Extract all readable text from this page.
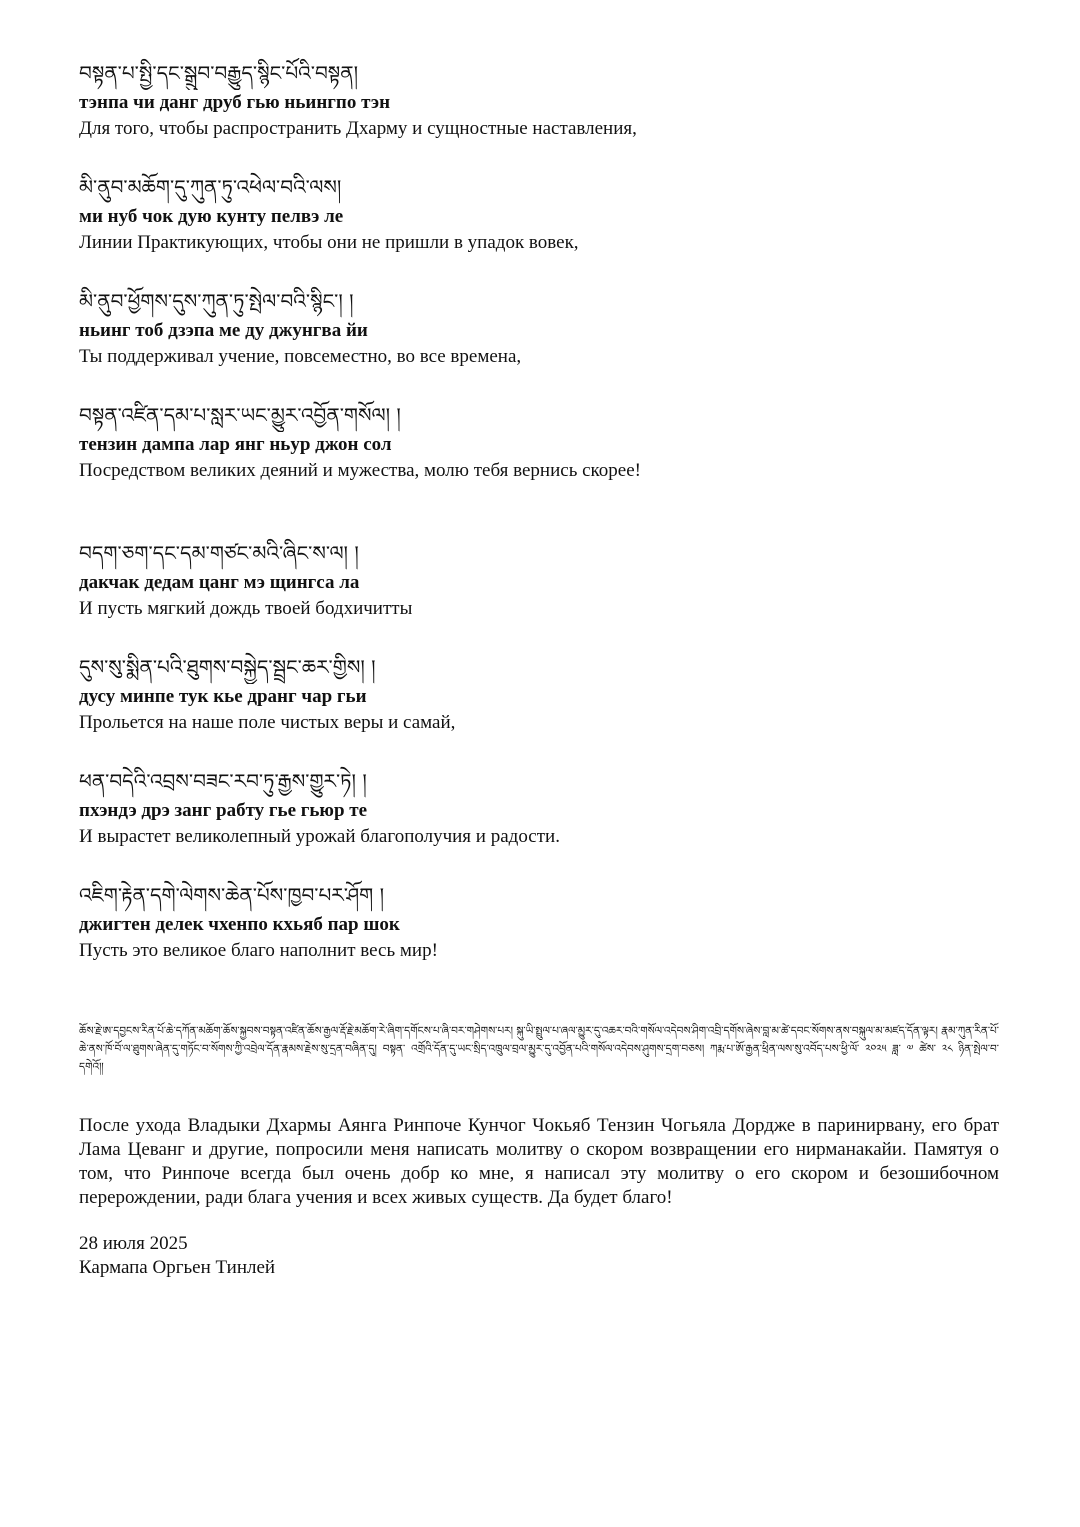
བསྟན་པ་སྤྱི་དང་སྒྲུབ་བརྒྱུད་སྙིང་པོའི་བསྟན།
тэнпа чи данг друб гью ньингпо тэн
Для того, чтобы распространить Дхарму и сущностные наставления,
མི་ནུབ་མཆོག་དུ་ཀུན་ཏུ་འཕེལ་བའི་ལས།
ми нуб чок дую кунту пелвэ ле
Линии Практикующих, чтобы они не пришли в упадок вовек,
མི་ནུབ་ཕྱོགས་དུས་ཀུན་ཏུ་སྤེལ་བའི་སྙིང་། །
ньинг тоб дзэпа ме ду джунгва йи
Ты поддерживал учение, повсеместно, во все времена,
བསྟན་འཛིན་དམ་པ་སླར་ཡང་མྱུར་འབྱོན་གསོལ། །
тензин дампа лар янг ньур джон сол
Посредством великих деяний и мужества, молю тебя вернись скорее!
བདག་ཅག་དང་དམ་གཙང་མའི་ཞིང་ས་ལ། །
дакчак дедам цанг мэ щингса ла
И пусть мягкий дождь твоей бодхичитты
དུས་སུ་སྨིན་པའི་ཐུགས་བསྐྱེད་སྦྲང་ཆར་གྱིས། །
дусу минпе тук кье дранг чар гьи
Прольется на наше поле чистых веры и самай,
ཕན་བདེའི་འབྲས་བཟང་རབ་ཏུ་རྒྱས་གྱུར་ཏེ། །
пхэндэ дрэ занг рабту гье гьюр те
И вырастет великолепный урожай благополучия и радости.
འཇིག་རྟེན་དགེ་ལེགས་ཆེན་པོས་ཁྱབ་པར་ཤོག །
джигтен делек чхенпо кхьяб пар шок
Пусть это великое благо наполнит весь мир!
ཆོས་རྗེ་ཨ་དབྱངས་རིན་པོ་ཆེ་དཀོན་མཆོག་ཆོས་སྐྱབས་བསྟན་འཛིན་ཆོས་རྒྱལ་རྡོ་རྗེ་མཆོག་རེ་ཞིག་དགོངས་པ་ཞི་བར་གཤེགས་པར། སྐུ་ཡི་སྤྲུལ་པ་ཞལ་མྱུར་དུ་འཆར་བའི་གསོལ་འདེབས་ཤིག་འབྲི་དགོས་ཞེས་བླ་མ་ཚེ་དབང་སོགས་ནས་བསྐུལ་མ་མཛད་དོན་ལྟར། རྣམ་ཀུན་རིན་པོ་ཆེ་ནས་ཁོ་བོ་ལ་ཐུགས་ཞེན་དུ་གཏོང་བ་སོགས་ཀྱི་འབྲེལ་དོན་རྣམས་རྗེས་སུ་དྲན་བཞིན་དུ། བསྟན་ འགྲོའི་དོན་དུ་ཡང་སྲིད་འཁྲུལ་བྲལ་མྱུར་དུ་འབྱོན་པའི་གསོལ་འདེབས་ཤུགས་དྲག་བཅས། ཀརྨ་པ་ཨོ་རྒྱན་ཕྲིན་ལས་སུ་འབོད་པས་ཕྱི་ལོ་ ༢༠༢༥ ཟླ་ ༧ ཚེས་ ༢༨ ཉིན་སྤེལ་བ་དགེའོ།།
После ухода Владыки Дхармы Аянга Ринпоче Кунчог Чокьяб Тензин Чогьяла Дордже в паринирвану, его брат Лама Цеванг и другие, попросили меня написать молитву о скором возвращении его нирманакайи. Памятуя о том, что Ринпоче всегда был очень добр ко мне, я написал эту молитву о его скором и безошибочном перерождении, ради блага учения и всех живых существ. Да будет благо!
28 июля 2025
Кармапа Оргьен Тинлей
